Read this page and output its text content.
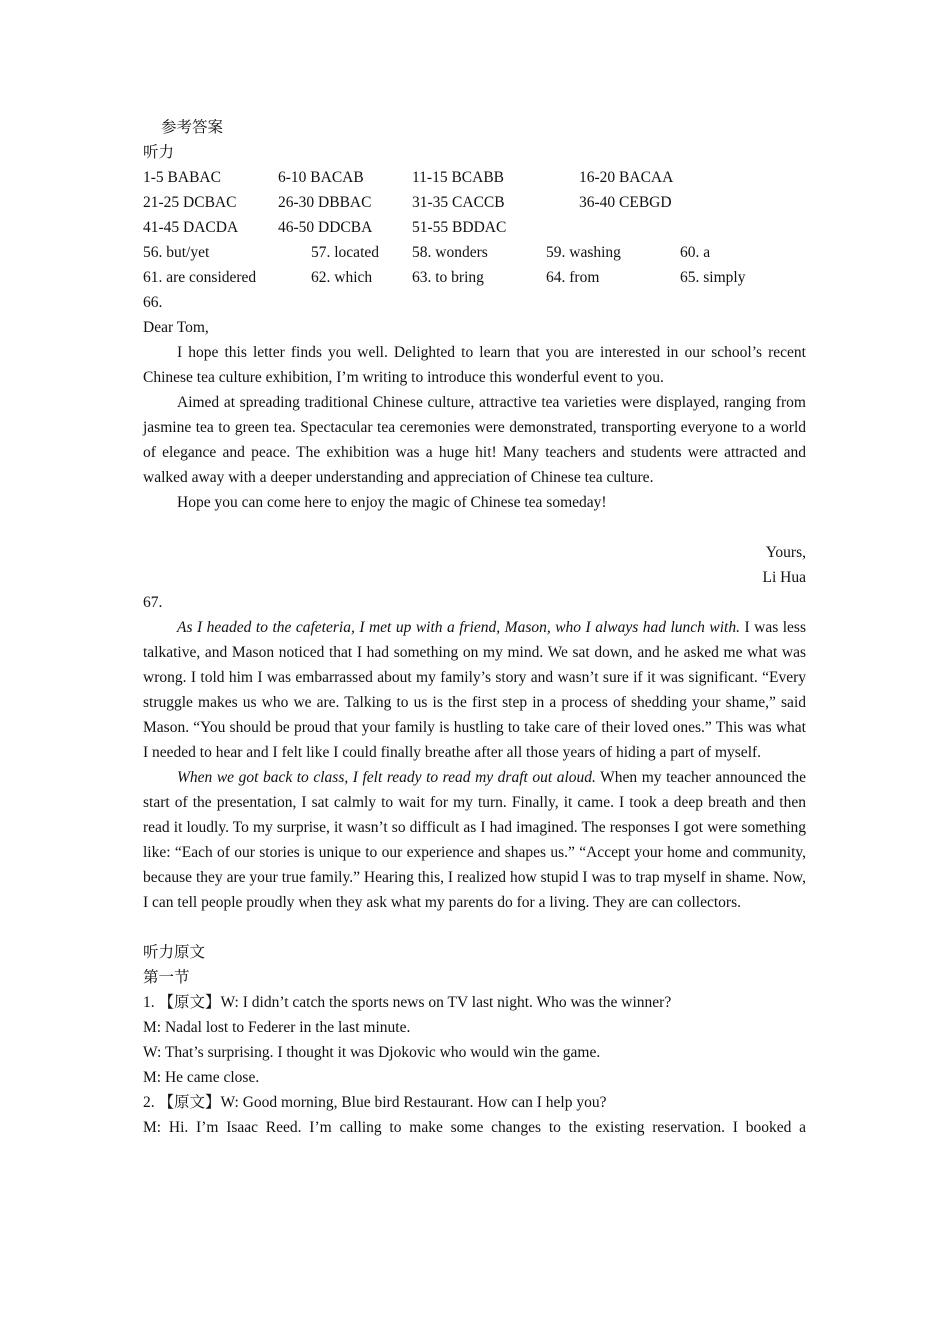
参考答案
听力
1-5 BABAC	6-10 BACAB	11-15 BCABB	16-20 BACAA
21-25 DCBAC	26-30 DBBAC	31-35 CACCB	36-40 CEBGD
41-45 DACDA	46-50 DDCBA	51-55 BDDAC
56. but/yet	57. located 58. wonders	59. washing	60. a
61. are considered	62. which	63. to bring	64. from	65. simply
66.
Dear Tom,

I hope this letter finds you well. Delighted to learn that you are interested in our school’s recent Chinese tea culture exhibition, I’m writing to introduce this wonderful event to you.

Aimed at spreading traditional Chinese culture, attractive tea varieties were displayed, ranging from jasmine tea to green tea. Spectacular tea ceremonies were demonstrated, transporting everyone to a world of elegance and peace. The exhibition was a huge hit! Many teachers and students were attracted and walked away with a deeper understanding and appreciation of Chinese tea culture.

Hope you can come here to enjoy the magic of Chinese tea someday!

Yours,
Li Hua
67.

As I headed to the cafeteria, I met up with a friend, Mason, who I always had lunch with. I was less talkative, and Mason noticed that I had something on my mind. We sat down, and he asked me what was wrong. I told him I was embarrassed about my family’s story and wasn’t sure if it was significant. “Every struggle makes us who we are. Talking to us is the first step in a process of shedding your shame,” said Mason. “You should be proud that your family is hustling to take care of their loved ones.” This was what I needed to hear and I felt like I could finally breathe after all those years of hiding a part of myself.

When we got back to class, I felt ready to read my draft out aloud. When my teacher announced the start of the presentation, I sat calmly to wait for my turn. Finally, it came. I took a deep breath and then read it loudly. To my surprise, it wasn’t so difficult as I had imagined. The responses I got were something like: “Each of our stories is unique to our experience and shapes us.” “Accept your home and community, because they are your true family.” Hearing this, I realized how stupid I was to trap myself in shame. Now, I can tell people proudly when they ask what my parents do for a living. They are can collectors.

听力原文
第一节
1. 【原文】W: I didn’t catch the sports news on TV last night. Who was the winner?
M: Nadal lost to Federer in the last minute.
W: That’s surprising. I thought it was Djokovic who would win the game.
M: He came close.
2. 【原文】W: Good morning, Blue bird Restaurant. How can I help you?
M: Hi. I’m Isaac Reed. I’m calling to make some changes to the existing reservation. I booked a
